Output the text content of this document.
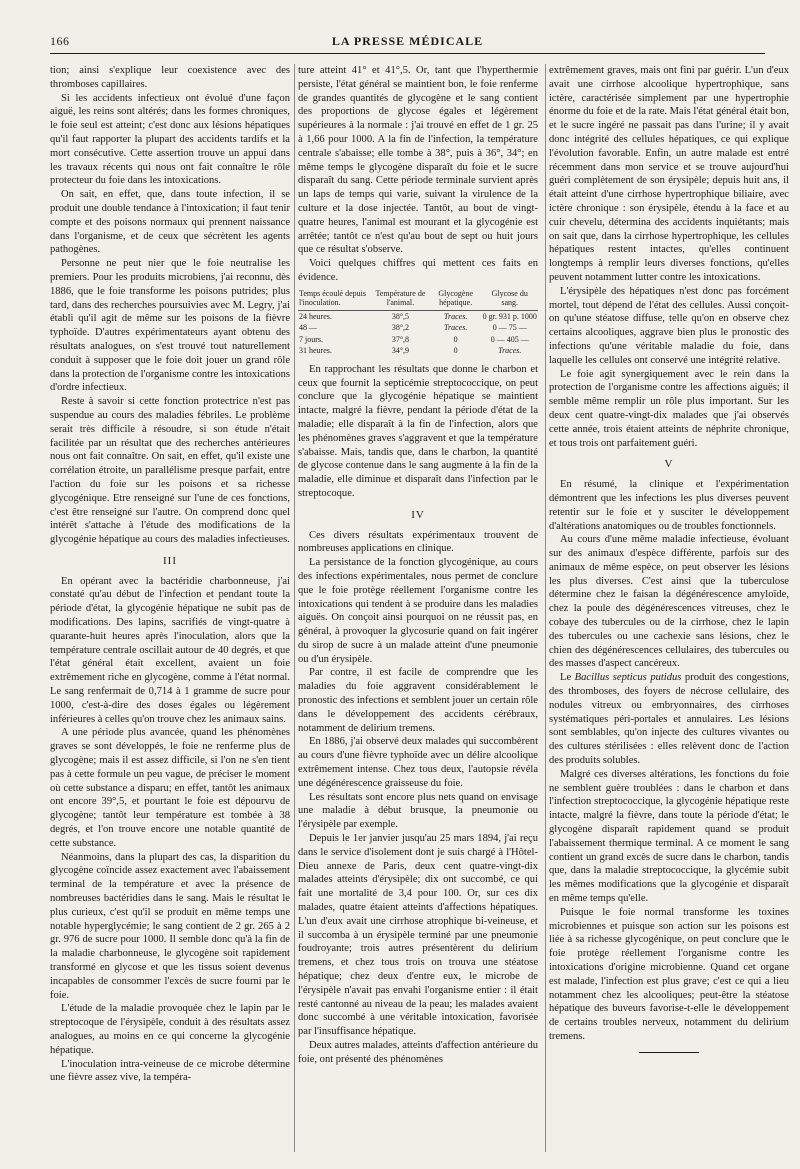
166	LA PRESSE MÉDICALE

tion; ainsi s'explique leur coexistence avec des thromboses capillaires.

Si les accidents infectieux ont évolué d'une façon aiguë, les reins sont altérés; dans les formes chroniques, le foie seul est atteint; c'est donc aux lésions hépatiques qu'il faut rapporter la plupart des accidents tardifs et la mort consécutive. Cette assertion trouve un appui dans les travaux récents qui nous ont fait connaître le rôle protecteur du foie dans les intoxications.

On sait, en effet, que, dans toute infection, il se produit une double tendance à l'intoxication; il faut tenir compte et des poisons normaux qui prennent naissance dans l'organisme, et de ceux que sécrètent les agents pathogènes.

Personne ne peut nier que le foie neutralise les premiers. Pour les produits microbiens, j'ai reconnu, dès 1886, que le foie transforme les poisons putrides; plus tard, dans des recherches poursuivies avec M. Legry, j'ai établi qu'il agit de même sur les poisons de la fièvre typhoïde. D'autres expérimentateurs ayant obtenu des résultats analogues, on s'est trouvé tout naturellement conduit à supposer que le foie doit jouer un grand rôle dans la protection de l'organisme contre les intoxications d'ordre infectieux.

Reste à savoir si cette fonction protectrice n'est pas suspendue au cours des maladies fébriles. Le problème serait très difficile à résoudre, si son étude n'était facilitée par un résultat que des recherches antérieures nous ont fait connaître. On sait, en effet, qu'il existe une corrélation étroite, un parallélisme presque parfait, entre l'action du foie sur les poisons et sa richesse glycogénique. Etre renseigné sur l'une de ces fonctions, c'est être renseigné sur l'autre. On comprend donc quel intérêt s'attache à l'étude des modifications de la glycogénie hépatique au cours des maladies infectieuses.

III

En opérant avec la bactéridie charbonneuse, j'ai constaté qu'au début de l'infection et pendant toute la période d'état, la glycogénie hépatique ne subit pas de modifications. Des lapins, sacrifiés de vingt-quatre à quarante-huit heures après l'inoculation, alors que la température centrale oscillait autour de 40 degrés, et que l'état général était excellent, avaient un foie extrêmement riche en glycogène, comme à l'état normal. Le sang renfermait de 0,714 à 1 gramme de sucre pour 1000, c'est-à-dire des doses égales ou légèrement inférieures à celles qu'on trouve chez les animaux sains.

A une période plus avancée, quand les phénomènes graves se sont développés, le foie ne renferme plus de glycogène; mais il est assez difficile, si l'on ne s'en tient pas à cette formule un peu vague, de préciser le moment où cette substance a disparu; en effet, tantôt les animaux ont encore 39°,5, et pourtant le foie est dépourvu de glycogène; tantôt leur température est tombée à 38 degrés, et l'on trouve encore une notable quantité de cette substance.

Néanmoins, dans la plupart des cas, la disparition du glycogène coïncide assez exactement avec l'abaissement terminal de la température et avec la présence de nombreuses bactéridies dans le sang. Mais le résultat le plus curieux, c'est qu'il se produit en même temps une notable hyperglycémie; le sang contient de 2 gr. 265 à 2 gr. 976 de sucre pour 1000. Il semble donc qu'à la fin de la maladie charbonneuse, le glycogène soit rapidement transformé en glycose et que les tissus soient devenus incapables de consommer l'excès de sucre fourni par le foie.

L'étude de la maladie provoquée chez le lapin par le streptocoque de l'érysipèle, conduit à des résultats assez analogues, au moins en ce qui concerne la glycogénie hépatique.

L'inoculation intra-veineuse de ce microbe détermine une fièvre assez vive, la tempéra-

ture atteint 41° et 41°,5. Or, tant que l'hyperthermie persiste, l'état général se maintient bon, le foie renferme de grandes quantités de glycogène et le sang contient des proportions de glycose égales et légèrement supérieures à la normale : j'ai trouvé en effet de 1 gr. 25 à 1,66 pour 1000. A la fin de l'infection, la température centrale s'abaisse; elle tombe à 38°, puis à 36°, 34°; en même temps le glycogène disparaît du foie et le sucre disparaît du sang. Cette période terminale survient après un laps de temps qui varie, suivant la virulence de la culture et la dose injectée. Tantôt, au bout de vingt-quatre heures, l'animal est mourant et la glycogénie est arrêtée; tantôt ce n'est qu'au bout de sept ou huit jours que ce résultat s'observe.

Voici quelques chiffres qui mettent ces faits en évidence.

Temps écoulé depuis l'inoculation.	Température de l'animal.	Glycogène hépatique.	Glycose du sang.
24 heures.	38°,5	Traces.	0 gr. 931 p. 1000
48 —	38°,2	Traces.	0 — 75 —
7 jours.	37°,8	0	0 — 405 —
31 heures.	34°,9	0	Traces.

En rapprochant les résultats que donne le charbon et ceux que fournit la septicémie streptococcique, on peut conclure que la glycogénie hépatique se maintient intacte, malgré la fièvre, pendant la période d'état de la maladie; elle disparaît à la fin de l'infection, alors que les phénomènes graves s'aggravent et que la température s'abaisse. Mais, tandis que, dans le charbon, la quantité de glycose contenue dans le sang augmente à la fin de la maladie, elle diminue et disparaît dans l'infection par le streptocoque.

IV

Ces divers résultats expérimentaux trouvent de nombreuses applications en clinique.

La persistance de la fonction glycogénique, au cours des infections expérimentales, nous permet de conclure que le foie protège réellement l'organisme contre les intoxications qui tendent à se produire dans les maladies aiguës. On conçoit ainsi pourquoi on ne réussit pas, en général, à provoquer la glycosurie quand on fait ingérer du sirop de sucre à un malade atteint d'une pneumonie ou d'un érysipèle.

Par contre, il est facile de comprendre que les maladies du foie aggravent considérablement le pronostic des infections et semblent jouer un certain rôle dans le développement des accidents cérébraux, notamment de delirium tremens.

En 1886, j'ai observé deux malades qui succombèrent au cours d'une fièvre typhoïde avec un délire alcoolique extrêmement intense. Chez tous deux, l'autopsie révéla une dégénérescence graisseuse du foie.

Les résultats sont encore plus nets quand on envisage une maladie à début brusque, la pneumonie ou l'érysipèle par exemple.

Depuis le 1er janvier jusqu'au 25 mars 1894, j'ai reçu dans le service d'isolement dont je suis chargé à l'Hôtel-Dieu annexe de Paris, deux cent quatre-vingt-dix malades atteints d'érysipèle; dix ont succombé, ce qui fait une mortalité de 3,4 pour 100. Or, sur ces dix malades, quatre étaient atteints d'affections hépatiques. L'un d'eux avait une cirrhose atrophique bi-veineuse, et il succomba à un érysipèle terminé par une pneumonie foudroyante; trois autres présentèrent du delirium tremens, et chez tous trois on trouva une stéatose hépatique; chez deux d'entre eux, le microbe de l'érysipèle n'avait pas envahi l'organisme entier : il était resté cantonné au niveau de la peau; les malades avaient donc succombé à une véritable intoxication, favorisée par l'insuffisance hépatique.

Deux autres malades, atteints d'affection antérieure du foie, ont présenté des phénomènes

extrêmement graves, mais ont fini par guérir. L'un d'eux avait une cirrhose alcoolique hypertrophique, sans ictère, caractérisée simplement par une hypertrophie énorme du foie et de la rate. Mais l'état général était bon, et le sucre ingéré ne passait pas dans l'urine; il y avait donc intégrité des cellules hépatiques, ce qui explique l'évolution favorable. Enfin, un autre malade est entré récemment dans mon service et se trouve aujourd'hui guéri complètement de son érysipèle; depuis huit ans, il était atteint d'une cirrhose hypertrophique biliaire, avec ictère chronique : son érysipèle, étendu à la face et au cuir chevelu, détermina des accidents inquiétants; mais on sait que, dans la cirrhose hypertrophique, les cellules hépatiques restent intactes, qu'elles continuent longtemps à remplir leurs diverses fonctions, qu'elles peuvent notamment lutter contre les intoxications.

L'érysipèle des hépatiques n'est donc pas forcément mortel, tout dépend de l'état des cellules. Aussi conçoit-on qu'une stéatose diffuse, telle qu'on en observe chez certains alcooliques, aggrave bien plus le pronostic des infections qu'une véritable maladie du foie, dans laquelle les cellules ont conservé une intégrité relative.

Le foie agit synergiquement avec le rein dans la protection de l'organisme contre les affections aiguës; il semble même remplir un rôle plus important. Sur les deux cent quatre-vingt-dix malades que j'ai observés cette année, trois étaient atteints de néphrite chronique, et tous trois ont parfaitement guéri.

V

En résumé, la clinique et l'expérimentation démontrent que les infections les plus diverses peuvent retentir sur le foie et y susciter le développement d'altérations anatomiques ou de troubles fonctionnels.

Au cours d'une même maladie infectieuse, évoluant sur des animaux d'espèce différente, parfois sur des animaux de même espèce, on peut observer les lésions les plus diverses. C'est ainsi que la tuberculose détermine chez le faisan la dégénérescence amyloïde, chez la poule des dégénérescences vitreuses, chez le cobaye des tubercules ou de la cirrhose, chez le lapin des tubercules ou une cachexie sans lésions, chez le chien des dégénérescences cellulaires, des tubercules ou des masses d'aspect cancéreux.

Le Bacillus septicus putidus produit des congestions, des thromboses, des foyers de nécrose cellulaire, des nodules vitreux ou embryonnaires, des cirrhoses systématiques péri-portales et annulaires. Les lésions sont semblables, qu'on injecte des cultures vivantes ou des cultures stérilisées : elles relèvent donc de l'action des produits solubles.

Malgré ces diverses altérations, les fonctions du foie ne semblent guère troublées : dans le charbon et dans l'infection streptococcique, la glycogénie hépatique reste intacte, malgré la fièvre, dans toute la période d'état; le glycogène disparaît rapidement quand se produit l'abaissement thermique terminal. A ce moment le sang contient un grand excès de sucre dans le charbon, tandis que, dans la maladie streptococcique, la glycémie subit les mêmes modifications que la glycogénie et disparaît en même temps qu'elle.

Puisque le foie normal transforme les toxines microbiennes et puisque son action sur les poisons est liée à sa richesse glycogénique, on peut conclure que le foie protège réellement l'organisme contre les intoxications d'origine microbienne. Quand cet organe est malade, l'infection est plus grave; c'est ce qui a lieu notamment chez les alcooliques; peut-être la stéatose hépatique des buveurs favorise-t-elle le développement de certains troubles nerveux, notamment du delirium tremens.
